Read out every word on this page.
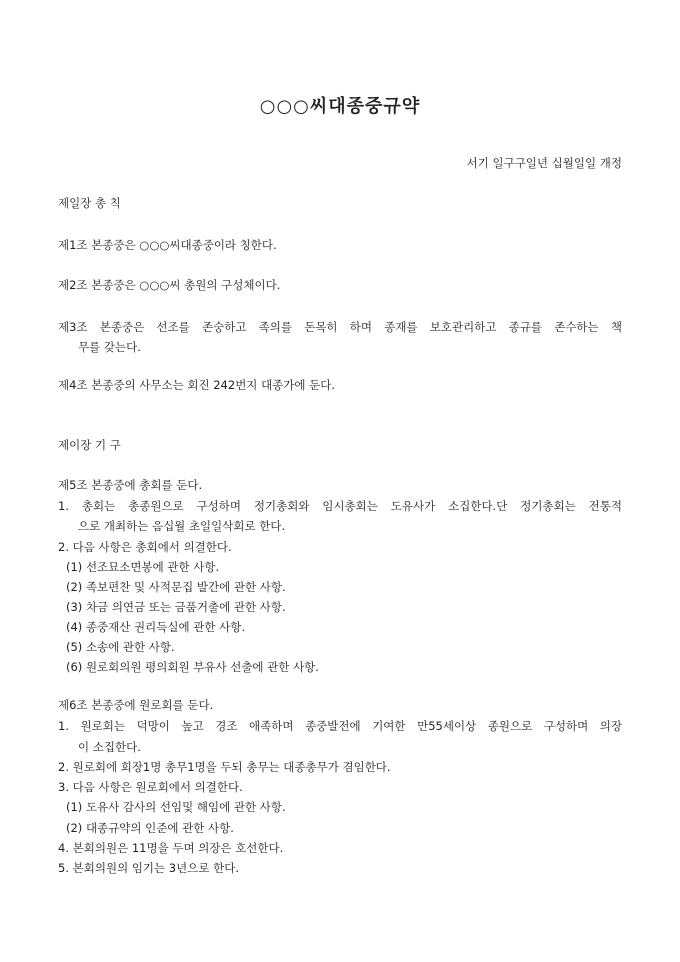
○○○씨대종중규약
서기 일구구일년 십월일일 개정
제일장 총 칙
제1조 본종중은 ○○○씨대종중이라 칭한다.
제2조 본종중은 ○○○씨 총원의 구성체이다.
제3조 본종중은 선조를 존숭하고 족의를 돈목히 하며 종재를 보호관리하고 종규를 존수하는 책
무를 갖는다.
제4조 본종중의 사무소는 회진 242번지 대종가에 둔다.
제이장 기 구
제5조 본종중에 총회를 둔다.
1. 총회는 총종원으로 구성하며 정기총회와 임시총회는 도유사가 소집한다.단 정기총회는 전통적
으로 개최하는 음십월 초일일삭회로 한다.
2. 다음 사항은 총회에서 의결한다.
(1) 선조묘소면봉에 관한 사항.
(2) 족보편찬 및 사적문집 발간에 관한 사항.
(3) 차금 의연금 또는 금품거출에 관한 사항.
(4) 종중재산 권리득실에 관한 사항.
(5) 소송에 관한 사항.
(6) 원로회의원 평의회원 부유사 선출에 관한 사항.
제6조 본종중에 원로회를 둔다.
1. 원로회는 덕망이 높고 경조 애족하며 종중발전에 기여한 만55세이상 종원으로 구성하며 의장
이 소집한다.
2. 원로회에 회장1명 총무1명을 두되 총무는 대종총무가 겸임한다.
3. 다음 사항은 원로회에서 의결한다.
(1) 도유사 감사의 선임및 해임에 관한 사항.
(2) 대종규약의 인준에 관한 사항.
4. 본회의원은 11명을 두며 의장은 호선한다.
5. 본회의원의 임기는 3년으로 한다.
